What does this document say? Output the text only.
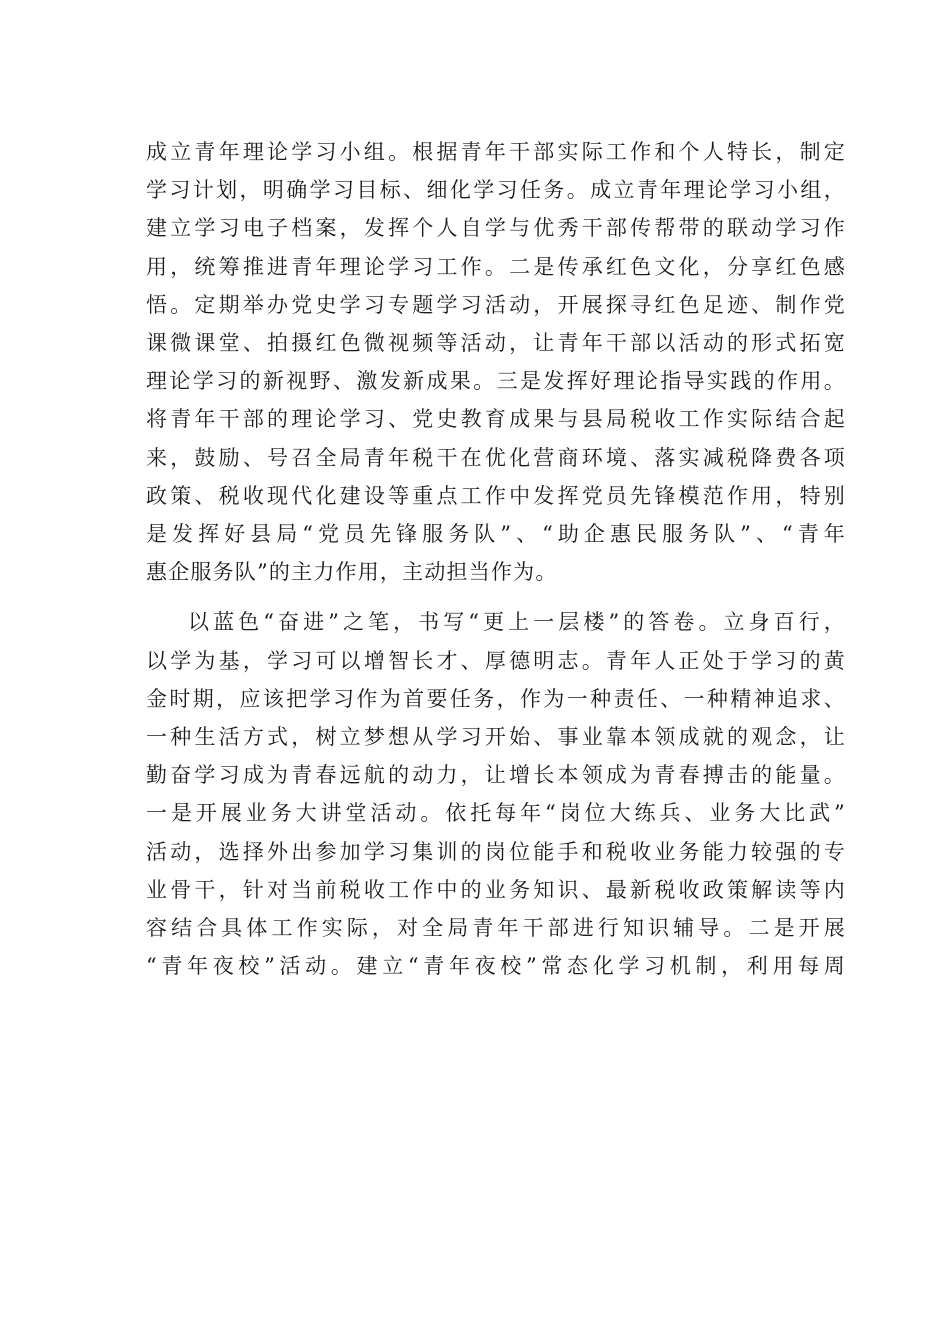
成立青年理论学习小组。根据青年干部实际工作和个人特长，制定
学习计划，明确学习目标、细化学习任务。成立青年理论学习小组，
建立学习电子档案，发挥个人自学与优秀干部传帮带的联动学习作
用，统筹推进青年理论学习工作。二是传承红色文化，分享红色感
悟。定期举办党史学习专题学习活动，开展探寻红色足迹、制作党
课微课堂、拍摄红色微视频等活动，让青年干部以活动的形式拓宽
理论学习的新视野、激发新成果。三是发挥好理论指导实践的作用。
将青年干部的理论学习、党史教育成果与县局税收工作实际结合起
来，鼓励、号召全局青年税干在优化营商环境、落实减税降费各项
政策、税收现代化建设等重点工作中发挥党员先锋模范作用，特别
是发挥好县局“党员先锋服务队”、“助企惠民服务队”、“青年
惠企服务队”的主力作用，主动担当作为。
以蓝色“奋进”之笔，书写“更上一层楼”的答卷。立身百行，
以学为基，学习可以增智长才、厚德明志。青年人正处于学习的黄
金时期，应该把学习作为首要任务，作为一种责任、一种精神追求、
一种生活方式，树立梦想从学习开始、事业靠本领成就的观念，让
勤奋学习成为青春远航的动力，让增长本领成为青春搏击的能量。
一是开展业务大讲堂活动。依托每年“岗位大练兵、业务大比武”
活动，选择外出参加学习集训的岗位能手和税收业务能力较强的专
业骨干，针对当前税收工作中的业务知识、最新税收政策解读等内
容结合具体工作实际，对全局青年干部进行知识辅导。二是开展
“青年夜校”活动。建立“青年夜校”常态化学习机制，利用每周
